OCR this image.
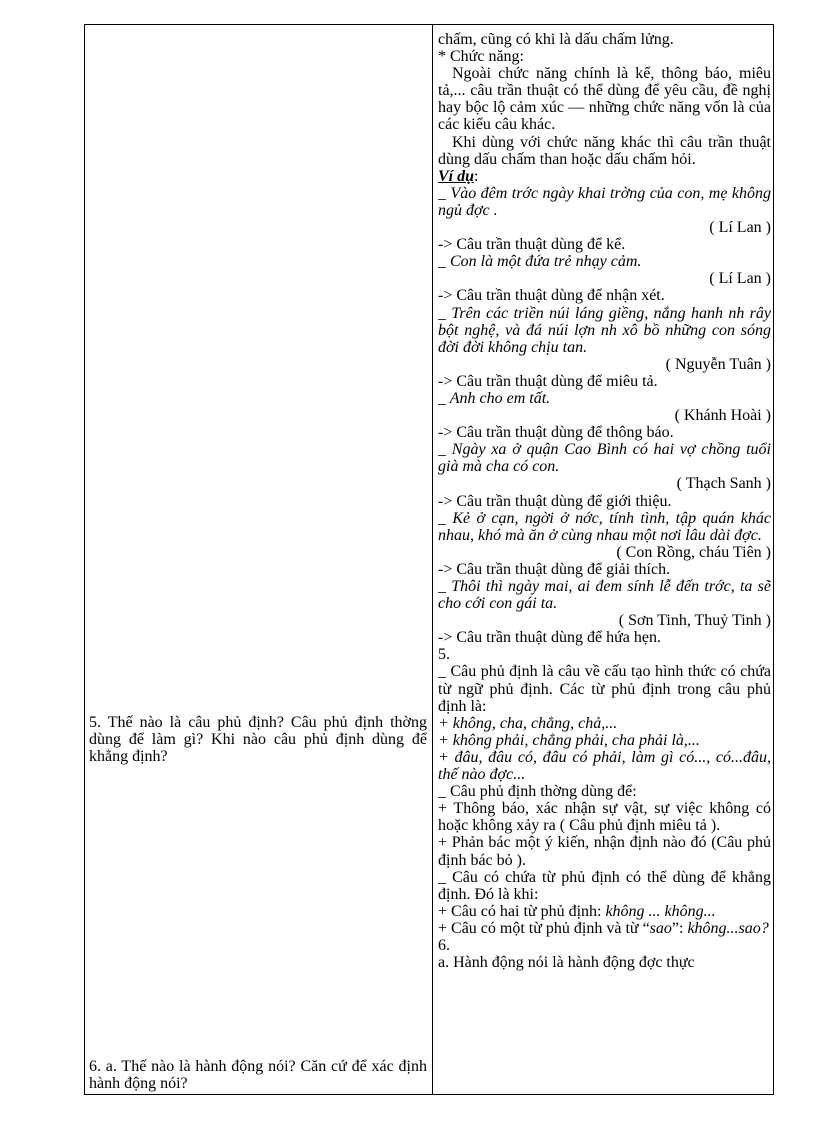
5. Thế nào là câu phủ định? Câu phủ định thờng dùng để làm gì? Khi nào câu phủ định dùng để khẳng định?

6. a. Thế nào là hành động nói? Căn cứ để xác định hành động nói?

chấm, cũng có khi là dấu chấm lửng.

* Chức năng:

Ngoài chức năng chính là kể, thông báo, miêu tả,... câu trần thuật có thể dùng để yêu cầu, đề nghị hay bộc lộ cảm xúc — những chức năng vốn là của các kiểu câu khác.

Khi dùng với chức năng khác thì câu trần thuật dùng dấu chấm than hoặc dấu chấm hỏi.

Ví dụ:

_ Vào đêm trớc ngày khai trờng của con, mẹ không ngủ đợc .

( Lí Lan )

-> Câu trần thuật dùng để kể.

_ Con là một đứa trẻ nhạy cảm.

( Lí Lan )

-> Câu trần thuật dùng để nhận xét.

_ Trên các triền núi láng giềng, nắng hanh nh rây bột nghệ, và đá núi lợn nh xô bồ những con sóng đời đời không chịu tan.

( Nguyễn Tuân )

-> Câu trần thuật dùng để miêu tả.

_ Anh cho em tất.

( Khánh Hoài )

-> Câu trần thuật dùng để thông báo.

_ Ngày xa ở quận Cao Bình có hai vợ chồng tuổi già mà cha có con.

( Thạch Sanh )

-> Câu trần thuật dùng để giới thiệu.

_ Kẻ ở cạn, ngời ở nớc, tính tình, tập quán khác nhau, khó mà ăn ở cùng nhau một nơi lâu dài đợc.

( Con Rồng, cháu Tiên )

-> Câu trần thuật dùng để giải thích.

_ Thôi thì ngày mai, ai đem sính lễ đến trớc, ta sẽ cho cới con gái ta.

( Sơn Tinh, Thuỷ Tinh )

-> Câu trần thuật dùng để hứa hẹn.

5.

_ Câu phủ định là câu về cấu tạo hình thức có chứa từ ngữ phủ định. Các từ phủ định trong câu phủ định là:

+ không, cha, chẳng, chả,...

+ không phải, chẳng phải, cha phải là,...

+ đâu, đâu có, đâu có phải, làm gì có..., có...đâu, thế nào đợc...

_ Câu phủ định thờng dùng để:

+ Thông báo, xác nhận sự vật, sự việc không có hoặc không xảy ra ( Câu phủ định miêu tả ).

+ Phản bác một ý kiến, nhận định nào đó (Câu phủ định bác bỏ ).

_ Câu có chứa từ phủ định có thể dùng để khẳng định. Đó là khi:

+ Câu có hai từ phủ định: không ... không...

+ Câu có một từ phủ định và từ “sao”: không...sao?

6.

a. Hành động nói là hành động đợc thực
